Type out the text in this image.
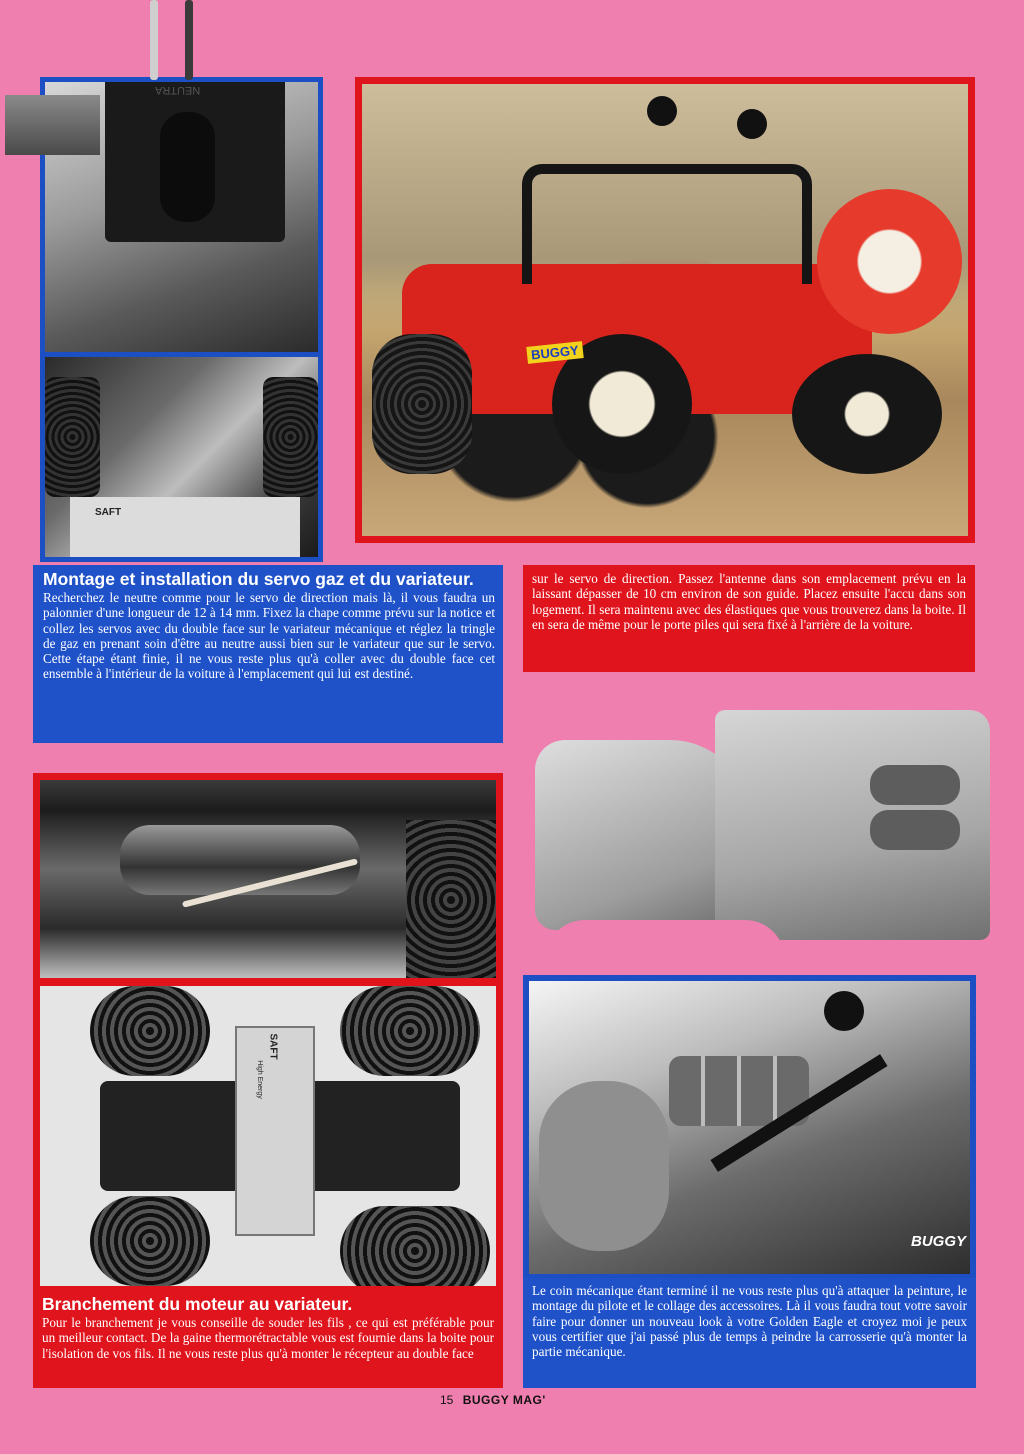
NEUTRA
SAFT
BUGGY
Montage et installation du servo gaz et du variateur.

Recherchez le neutre comme pour le servo de direction mais là, il vous faudra un palonnier d'une longueur de 12 à 14 mm. Fixez la chape comme prévu sur la notice et collez les servos avec du double face sur le variateur mécanique et réglez la tringle de gaz en prenant soin d'être au neutre aussi bien sur le variateur que sur le servo. Cette étape étant finie, il ne vous reste plus qu'à coller avec du double face cet ensemble à l'intérieur de la voiture à l'emplacement qui lui est destiné.

sur le servo de direction. Passez l'antenne dans son emplacement prévu en la laissant dépasser de 10 cm environ de son guide. Placez ensuite l'accu dans son logement. Il sera maintenu avec des élastiques que vous trouverez dans la boite. Il en sera de même pour le porte piles qui sera fixé à l'arrière de la voiture.

SAFT
High Energy
Branchement du moteur au variateur.

Pour le branchement je vous conseille de souder les fils , ce qui est préférable pour un meilleur contact. De la gaine thermorétractable vous est fournie dans la boite pour l'isolation de vos fils. Il ne vous reste plus qu'à monter le récepteur au double face

BUGGY

Le coin mécanique étant terminé il ne vous reste plus qu'à attaquer la peinture, le montage du pilote et le collage des accessoires. Là il vous faudra tout votre savoir faire pour donner un nouveau look à votre Golden Eagle et croyez moi je peux vous certifier que j'ai passé plus de temps à peindre la carrosserie qu'à monter la partie mécanique.

15 BUGGY MAG'
